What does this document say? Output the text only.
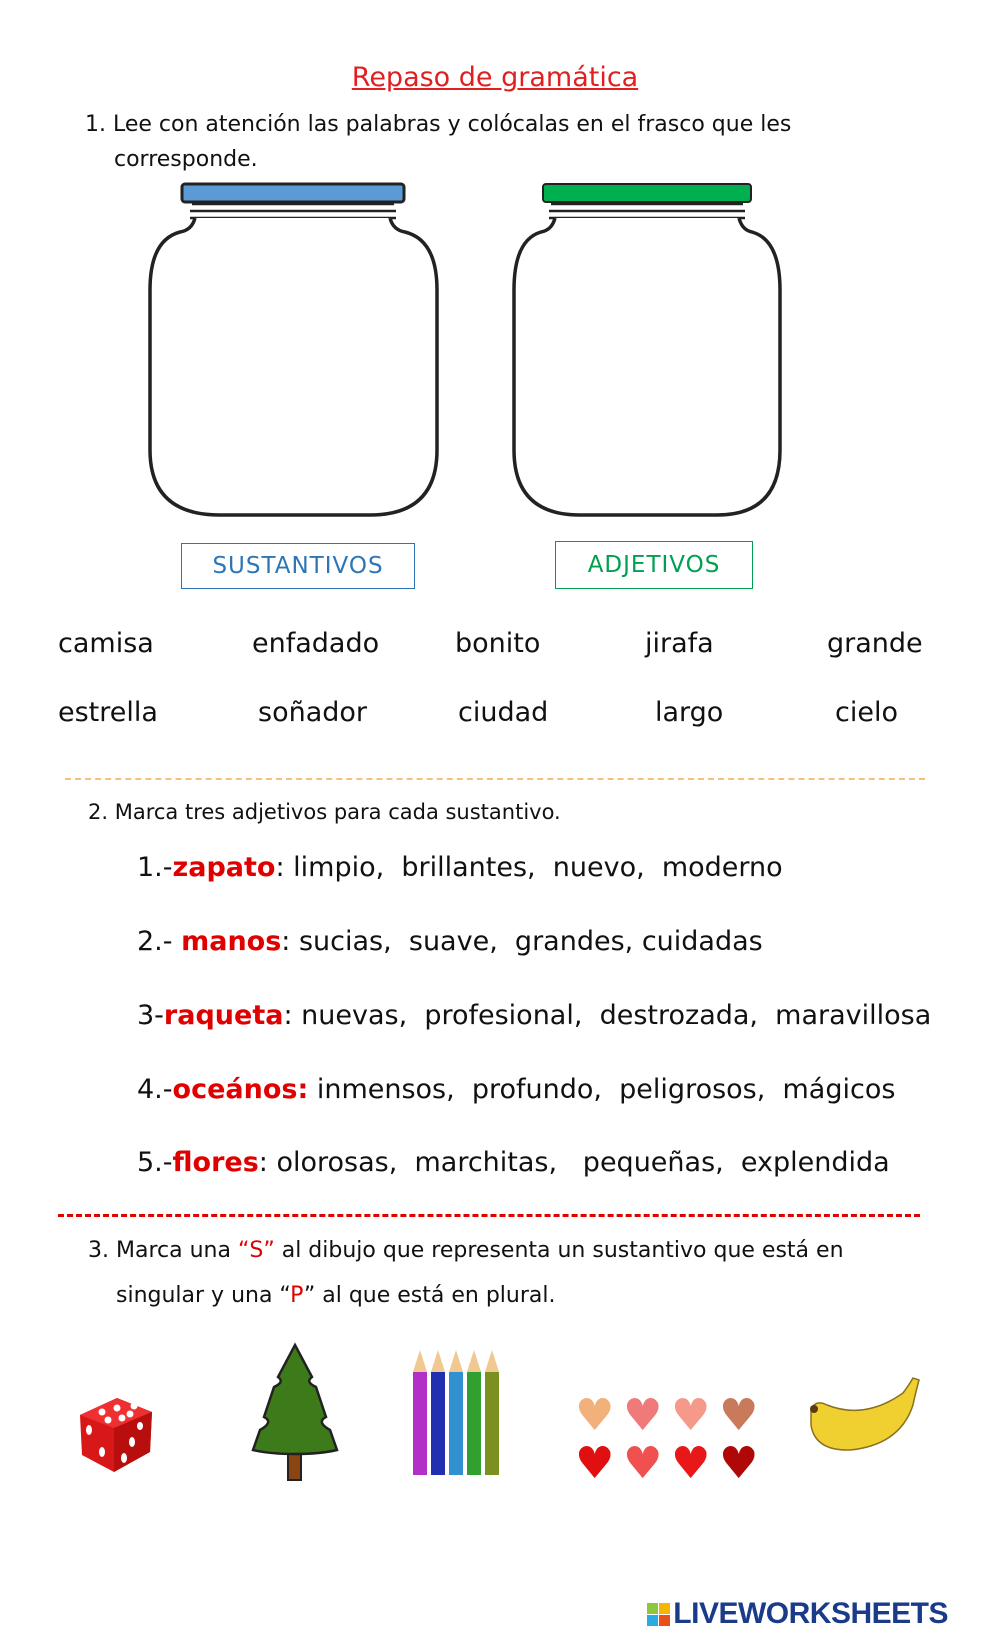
Repaso de gramática
1. Lee con atención las palabras y colócalas en el frasco que les
corresponde.
SUSTANTIVOS	ADJETIVOS
camisa	enfadado	bonito	jirafa	grande
estrella	soñador	ciudad	largo	cielo
2. Marca tres adjetivos para cada sustantivo.
1.-zapato: limpio,  brillantes,  nuevo,  moderno
2.- manos: sucias,  suave,  grandes, cuidadas
3-raqueta: nuevas,  profesional,  destrozada,  maravillosa
4.-oceános: inmensos,  profundo,  peligrosos,  mágicos
5.-flores: olorosas,  marchitas,   pequeñas,  explendida
3. Marca una “S” al dibujo que representa un sustantivo que está en
singular y una “P” al que está en plural.
♥ ♥ ♥ ♥
♥ ♥ ♥ ♥
LIVEWORKSHEETS
